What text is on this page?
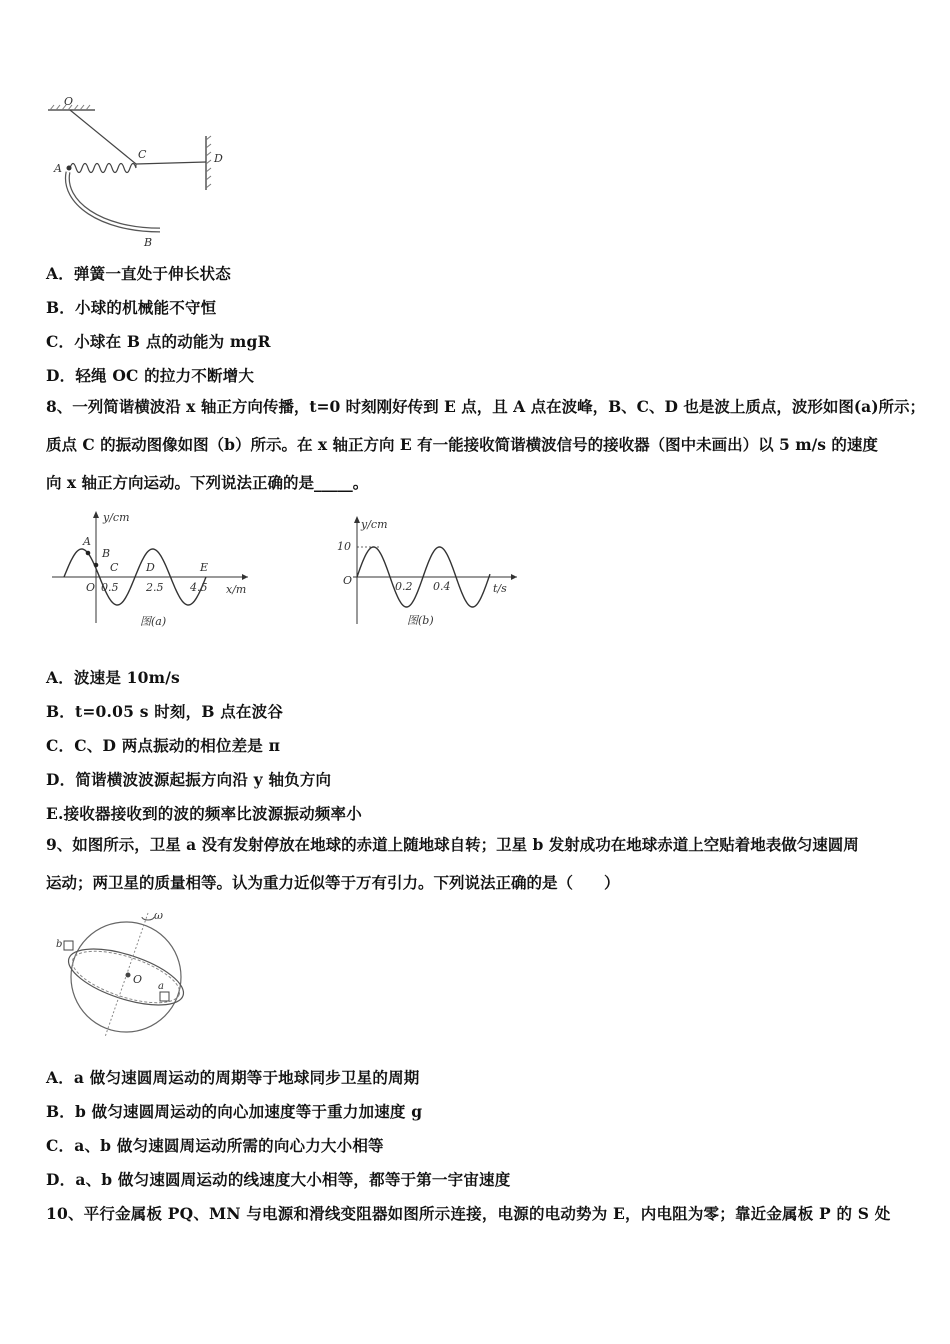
O
D
C
A
B
A．弹簧一直处于伸长状态
B．小球的机械能不守恒
C．小球在 B 点的动能为 mgR
D．轻绳 OC 的拉力不断增大
8、一列简谐横波沿 x 轴正方向传播，t=0 时刻刚好传到 E 点，且 A 点在波峰，B、C、D 也是波上质点，波形如图(a)所示；
质点 C 的振动图像如图（b）所示。在 x 轴正方向 E 有一能接收简谐横波信号的接收器（图中未画出）以 5 m/s 的速度
向 x 轴正方向运动。下列说法正确的是_____。
y/cm
x/m
A
B
C	D	E
O 0.5	2.5 4.5
图(a)
y/cm
t/s
10
O	0.2 0.4
图(b)
A．波速是 10m/s
B．t=0.05 s 时刻，B 点在波谷
C．C、D 两点振动的相位差是 π
D．简谐横波波源起振方向沿 y 轴负方向
E.接收器接收到的波的频率比波源振动频率小
9、如图所示，卫星 a 没有发射停放在地球的赤道上随地球自转；卫星 b 发射成功在地球赤道上空贴着地表做匀速圆周
运动；两卫星的质量相等。认为重力近似等于万有引力。下列说法正确的是（　　）
ω
O
b
a
A．a 做匀速圆周运动的周期等于地球同步卫星的周期
B．b 做匀速圆周运动的向心加速度等于重力加速度 g
C．a、b 做匀速圆周运动所需的向心力大小相等
D．a、b 做匀速圆周运动的线速度大小相等，都等于第一宇宙速度
10、平行金属板 PQ、MN 与电源和滑线变阻器如图所示连接，电源的电动势为 E，内电阻为零；靠近金属板 P 的 S 处
